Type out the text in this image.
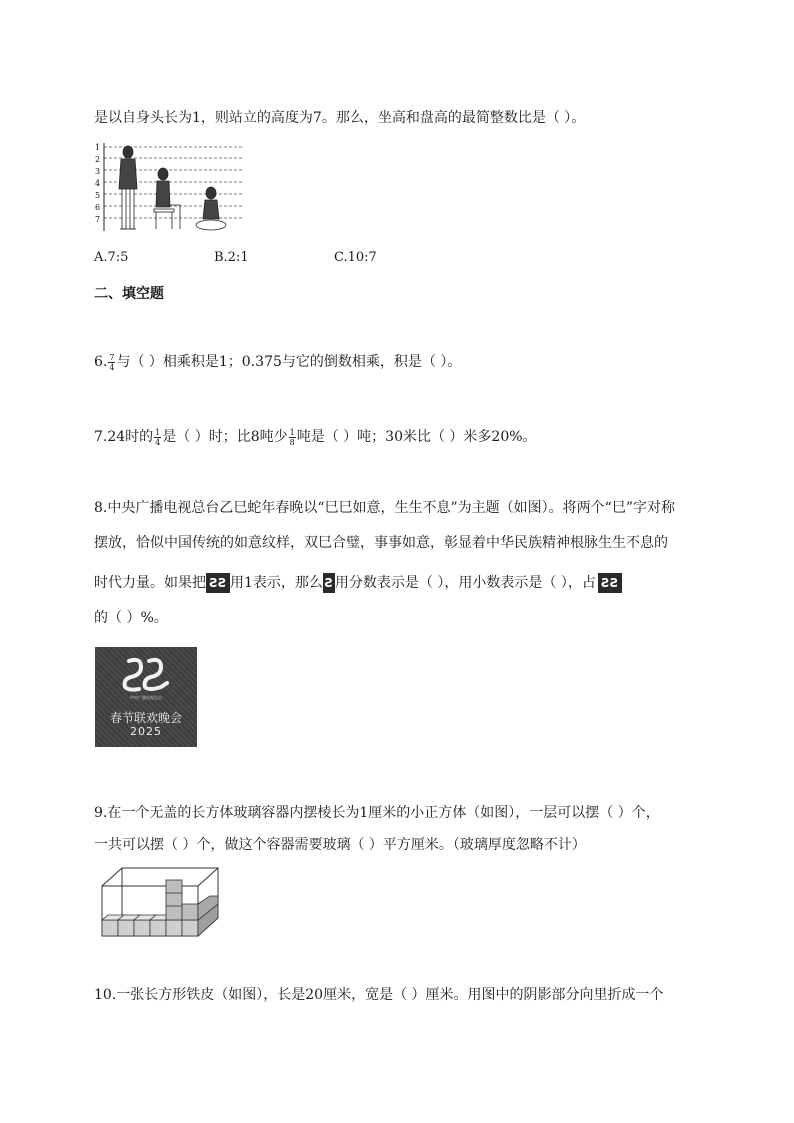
是以自身头长为1，则站立的高度为7。那么，坐高和盘高的最简整数比是（ ）。
1
2
3
4
5
6
7
A.7:5	B.2:1	C.10:7
二、填空题
6. $\frac{7}{4}$ 与（ ）相乘积是1；0.375与它的倒数相乘，积是（ ）。
7.24时的 $\frac{1}{4}$ 是（ ）时；比8吨少 $\frac{1}{8}$ 吨是（ ）吨；30米比（ ）米多20%。
8.中央广播电视总台乙巳蛇年春晚以“巳巳如意，生生不息”为主题（如图）。将两个“巳”字对称
摆放，恰似中国传统的如意纹样，双巳合璧，事事如意，彰显着中华民族精神根脉生生不息的
时代力量。如果把 ƧƧ 用1表示，那么 Ƨ 用分数表示是（ ），用小数表示是（ ），占 ƧƧ
的（ ）%。
中央广播电视总台
春节联欢晚会
2025
9.在一个无盖的长方体玻璃容器内摆棱长为1厘米的小正方体（如图），一层可以摆（ ）个，
一共可以摆（ ）个，做这个容器需要玻璃（ ）平方厘米。（玻璃厚度忽略不计）
10.一张长方形铁皮（如图），长是20厘米，宽是（ ）厘米。用图中的阴影部分向里折成一个
